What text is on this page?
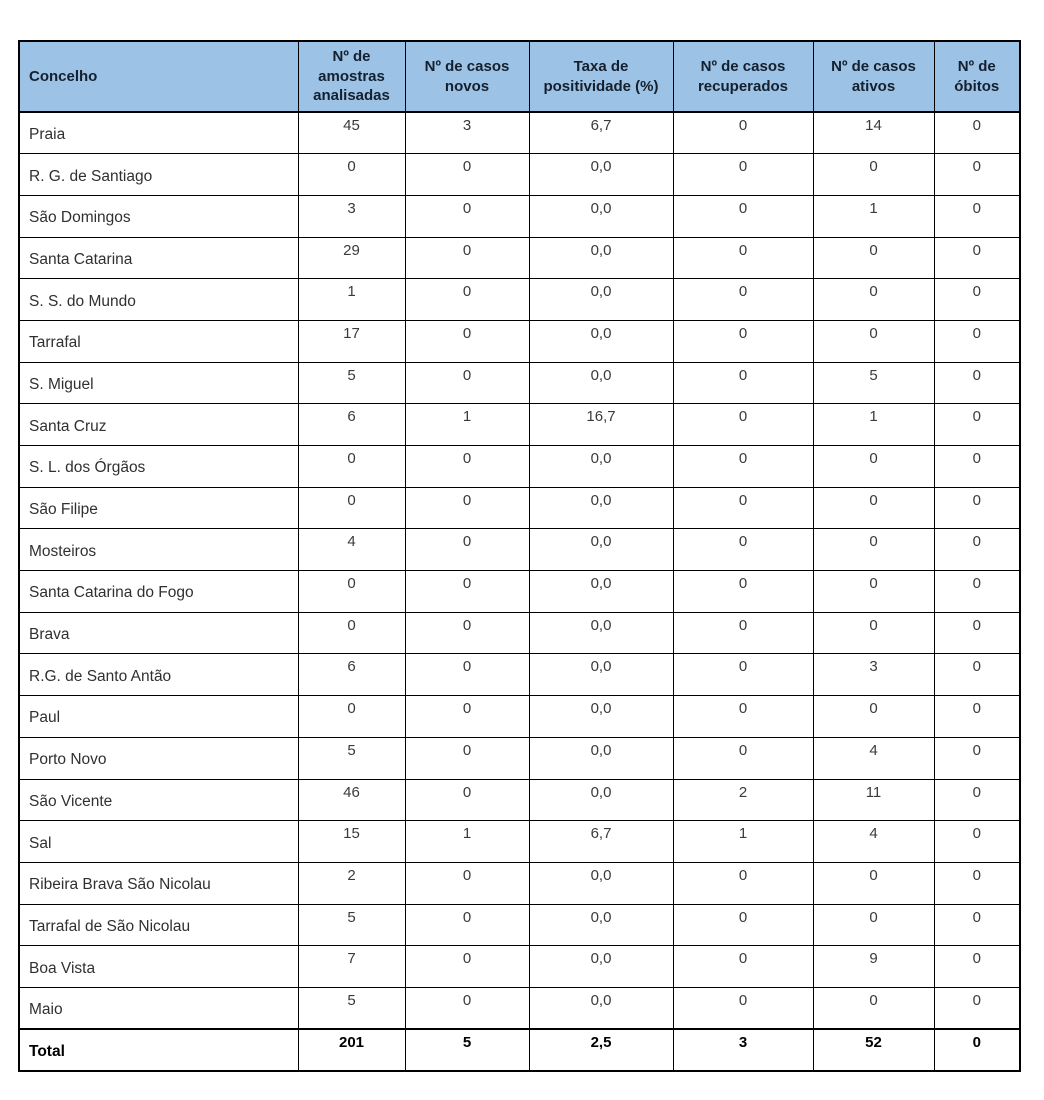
Concelho	Nº de amostras analisadas	Nº de casos novos	Taxa de positividade (%)	Nº de casos recuperados	Nº de casos ativos	Nº de óbitos
Praia	45	3	6,7	0	14	0
R. G. de Santiago	0	0	0,0	0	0	0
São Domingos	3	0	0,0	0	1	0
Santa Catarina	29	0	0,0	0	0	0
S. S. do Mundo	1	0	0,0	0	0	0
Tarrafal	17	0	0,0	0	0	0
S. Miguel	5	0	0,0	0	5	0
Santa Cruz	6	1	16,7	0	1	0
S. L. dos Órgãos	0	0	0,0	0	0	0
São Filipe	0	0	0,0	0	0	0
Mosteiros	4	0	0,0	0	0	0
Santa Catarina do Fogo	0	0	0,0	0	0	0
Brava	0	0	0,0	0	0	0
R.G. de Santo Antão	6	0	0,0	0	3	0
Paul	0	0	0,0	0	0	0
Porto Novo	5	0	0,0	0	4	0
São Vicente	46	0	0,0	2	11	0
Sal	15	1	6,7	1	4	0
Ribeira Brava São Nicolau	2	0	0,0	0	0	0
Tarrafal de São Nicolau	5	0	0,0	0	0	0
Boa Vista	7	0	0,0	0	9	0
Maio	5	0	0,0	0	0	0
Total	201	5	2,5	3	52	0
